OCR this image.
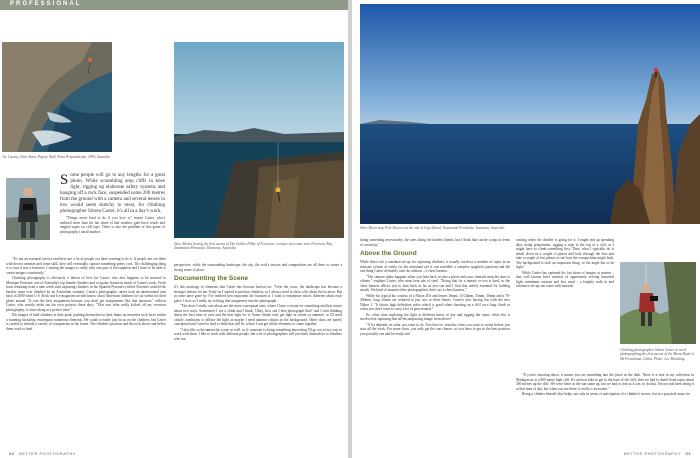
PROFESSIONAL
Joe Lucasy, Chris Stam, Popeye Wall, Point Perpendicular, NSW, Australia
Steve Monks freeing the first ascent of The Golden Pillar of Fortescue, a major new route near Fortescue Bay, Tasmanian Peninsula, Tasmania, Australia.

Some people will go to any lengths for a great photo. While scrambling atop cliffs in knee light, rigging up elaborate safety systems and hanging off a rock face, suspended some 200 metres from the ground with a camera and several lenses in tow would seem sketchy to most, for climbing photographer Simon Carter, it's all in a day's work.

"Things aren't hard to do if you love it," muses Carter, who's endured more than his fair share of bad weather, gale-force winds and tangled ropes on cliff tops. There is also the problem of this genre of photography's small market.

"It's not an essential service and there are a lot of people out there wanting to do it. If people are out there with decent cameras and some skill, they will eventually capture something pretty cool. The challenging thing is to turn it into a business. Creating the images is really only one part of the equation and I have to be able to create images consistently."

Climbing photography is obviously a labour of love for Carter, who also happens to be married to Monique Forestier, one of Australia's top female climbers and a regular feature in much of Carter's work. Fresh from returning from a nine week stint capturing climbers in the Spanish Pyrenees (where Forestier tackled the hardest route ever climbed by an Australian woman), Carter's photography career took an international turn back in 2000 when U.S. Rock and Ice magazine invited him to shoot American climbers for six weeks for their photo annual. "It was the best assignment because you don't get assignments like that anymore," reflects Carter, who mostly seeks out his own projects these days. "That was what really kicked off my overseas photography; it came along at a perfect time."

His images of bold climbers at their peak, pushing themselves to their limits on immense rock faces within a stunning backdrop, encompass numerous elements. He could so easily just focus on the climbers, but Carter is careful to include a variety of components in the frame. The climber's position and the rock above and below them work to lend

perspective, while the surrounding landscape, the sky, the rock's texture and composition are all there to create a strong sense of place.

Documenting the Scene

It's this marriage of elements that Carter has become known for. "Over the years, the landscape has become a stronger feature for me. Early on I started to produce climbers, so I always tried to show a bit about the location. But as years have gone by, I've realised how important the location is. I want to emphasise what's different about each place I visit, so I really try to bring that uniqueness into the photograph.

"The shots I really care about are the more conceptual ones, where I have a vision for something and that comes about two ways. Sometimes I see a climb and I think, 'Okay, how can I best photograph that?' and I start thinking about the best time of year and the best light for it. Some climbs only get light in winter or summer, or I'll need cloudy conditions to diffuse the light as maybe I need autumn colours in the background. Other shots are purely conceptual and I need to find a climb that will fit, where I can get all the elements to come together.

"I also like to document the scene as well, so if someone is doing something interesting I'll go out of my way to work with them. I like to work with different people, but a lot of photographers will just limit themselves to climbers who are

32 BETTER PHOTOGRAPHY
Steve Moon atop Pole Dancer on the end of Cape Raoul, Tasmanian Peninsula, Tasmania, Australia.

doing something newsworthy, the ones doing the hardest climbs, but I think that can be a trap in terms of creativity."

Above the Ground

While there isn't a standard set-up for capturing climbers, it usually involves a number of ropes in an intricate system of safety (to the untrained eye it can resemble a complex spaghetti junction) and the one thing Carter definitely can't do without – a chest harness.

"The camera shake happens when you lean back to take a photo and your stomach muscles start to vibrate," explains Carter, who must bear abs of steel. "Doing that for a minute or two is hard, so the chest harness allows you to lean back as far as you can and I find that utterly essential for holding steady. I'm kind of amazed other photographers don't use a chest harness."

While his typical kit consists of a Nikon D3s and lenses 16mm, 14-24mm, 35mm, 50mm and a 70-200mm, long climbs are reduced to just two or three lenses. Carter's also having fun with the new Nikon 1. "It shoots high definition video which is good when shooting on a cliff on a long climb or when you don't want to carry a lot of gear around."

So, other than exploring the light at different times of day and rigging the ropes, what else is involved in capturing that all-encompassing image from above?

"A lot depends on what you want to do. You have to visualise what you want to create before you start all the work. For some shots, you only get the one chance, so you have to get in the best position you possibly can and be ready and

waiting when the climber is going for it. I might end up spending days doing preparation, rigging a rope to the top of a cliff, or I might have to climb something first. Then, what I typically do is abseil down in a couple of places and look through the lens and take a couple of test photos to see how the composition might look. The background is such an important thing, so the angle has to be right."

While Carter has captured his fair share of images at sunrise – that well known brief window of opportunity serving beautiful light, minimum contrast and less wind – a lengthy walk in and extensive set-up can come with hazards.

"If you're shooting dawn, it means you are stumbling into the place in the dark. There is a shot in my collection in Madagascar at a 600 metre high cliff. It's an hour hike to get to the base of the cliff, then we had to climb fixed ropes about 300 metres up the cliff. We were there as the sun came up, but we had to start at 4 a.m. to do that. I'm not real keen doing it at that time of day, but when you are there, it really is awesome."

Being a climber himself also helps, not only in terms of anticipation of a climber's moves, but in a practical sense for

Climbing photographer Simon Carter at work photographing the first ascent of the Mona Road of Mt Frenchman, China. Photo: Lee Moulding.
BETTER PHOTOGRAPHY 33
